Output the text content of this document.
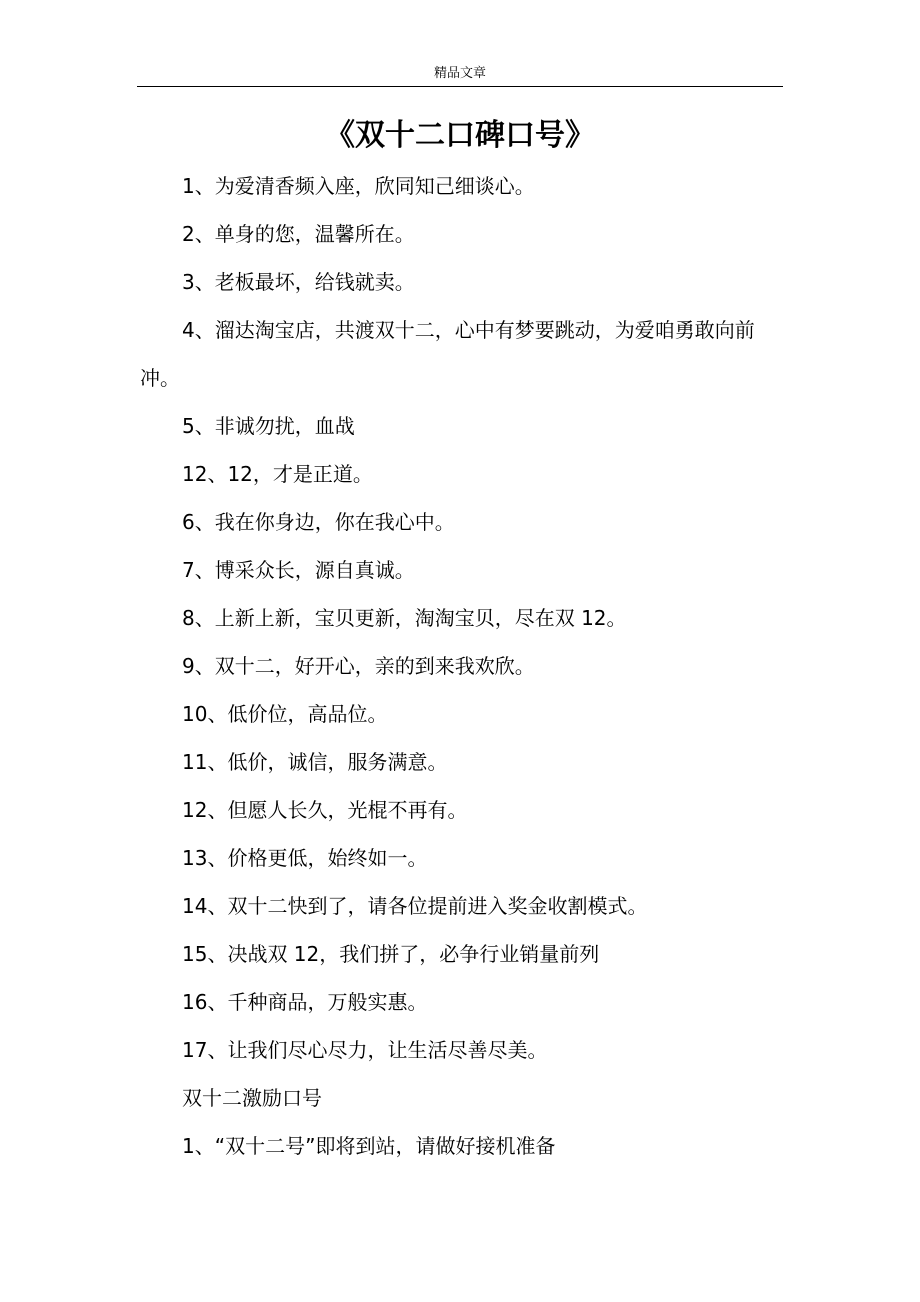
精品文章
《双十二口碑口号》

1、为爱清香频入座，欣同知己细谈心。

2、单身的您，温馨所在。

3、老板最坏，给钱就卖。

4、溜达淘宝店，共渡双十二，心中有梦要跳动，为爱咱勇敢向前冲。

5、非诚勿扰，血战

12、12，才是正道。

6、我在你身边，你在我心中。

7、博采众长，源自真诚。

8、上新上新，宝贝更新，淘淘宝贝，尽在双 12。

9、双十二，好开心，亲的到来我欢欣。

10、低价位，高品位。

11、低价，诚信，服务满意。

12、但愿人长久，光棍不再有。

13、价格更低，始终如一。

14、双十二快到了，请各位提前进入奖金收割模式。

15、决战双 12，我们拼了，必争行业销量前列

16、千种商品，万般实惠。

17、让我们尽心尽力，让生活尽善尽美。

双十二激励口号

1、“双十二号”即将到站，请做好接机准备
